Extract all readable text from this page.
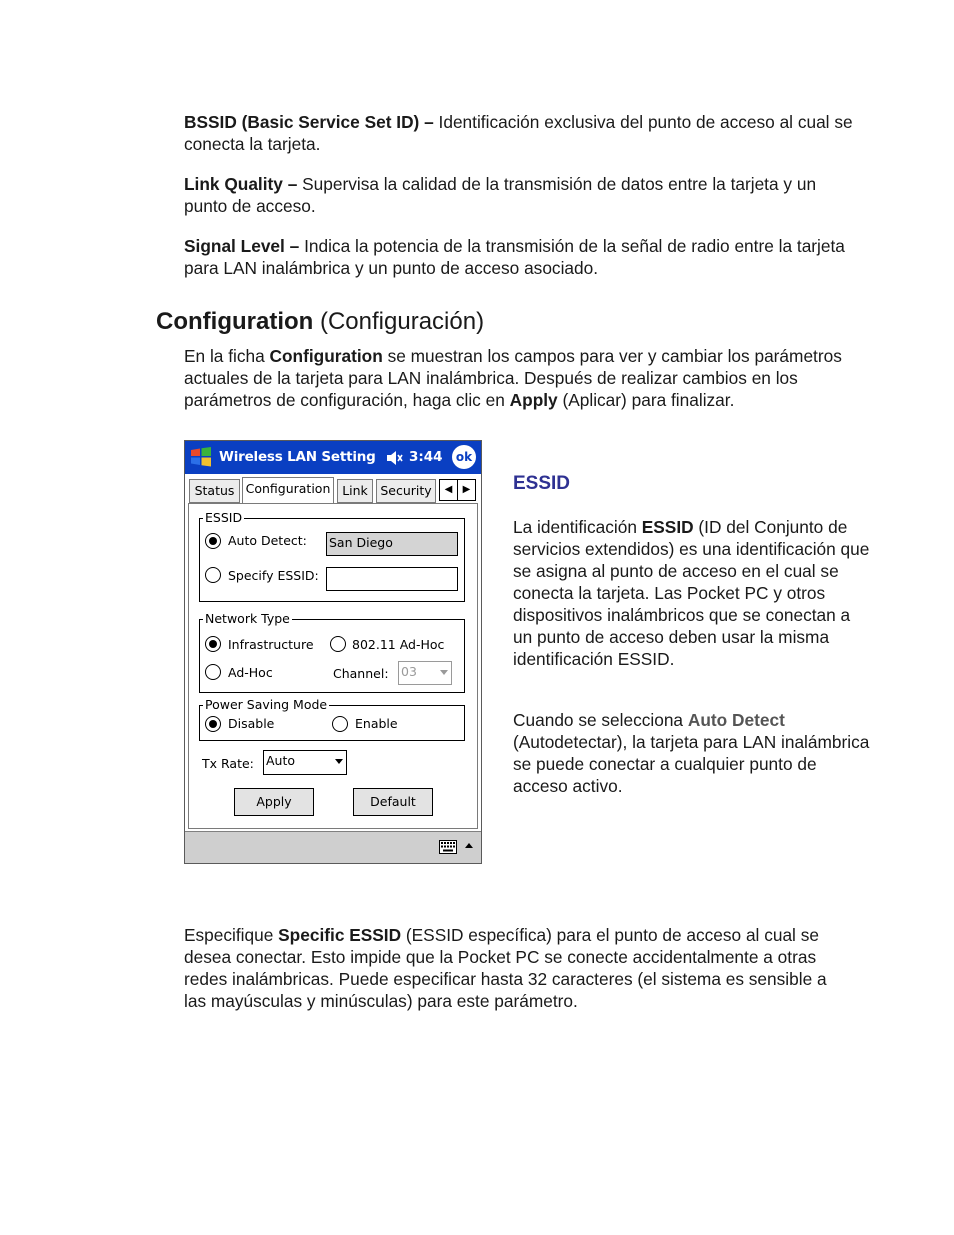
BSSID (Basic Service Set ID) – Identificación exclusiva del punto de acceso al cual se conecta la tarjeta.

Link Quality – Supervisa la calidad de la transmisión de datos entre la tarjeta y un punto de acceso.

Signal Level – Indica la potencia de la transmisión de la señal de radio entre la tarjeta para LAN inalámbrica y un punto de acceso asociado.

Configuration (Configuración)

En la ficha Configuration se muestran los campos para ver y cambiar los parámetros actuales de la tarjeta para LAN inalámbrica. Después de realizar cambios en los parámetros de configuración, haga clic en Apply (Aplicar) para finalizar.

Wireless LAN Setting 3:44	ok
Status Configuration Link	Security	◀	▶
ESSID
Auto Detect: San Diego
Specify ESSID:
Network Type
Infrastructure	802.11 Ad-Hoc
Ad-Hoc	Channel: 03
Power Saving Mode
Disable	Enable
Tx Rate: Auto
Apply	Default
ESSID

La identificación ESSID (ID del Conjunto de servicios extendidos) es una identificación que se asigna al punto de acceso en el cual se conecta la tarjeta. Las Pocket PC y otros dispositivos inalámbricos que se conectan a un punto de acceso deben usar la misma identificación ESSID.

Cuando se selecciona Auto Detect (Autodetectar), la tarjeta para LAN inalámbrica se puede conectar a cualquier punto de acceso activo.

Especifique Specific ESSID (ESSID específica) para el punto de acceso al cual se desea conectar. Esto impide que la Pocket PC se conecte accidentalmente a otras redes inalámbricas. Puede especificar hasta 32 caracteres (el sistema es sensible a las mayúsculas y minúsculas) para este parámetro.
